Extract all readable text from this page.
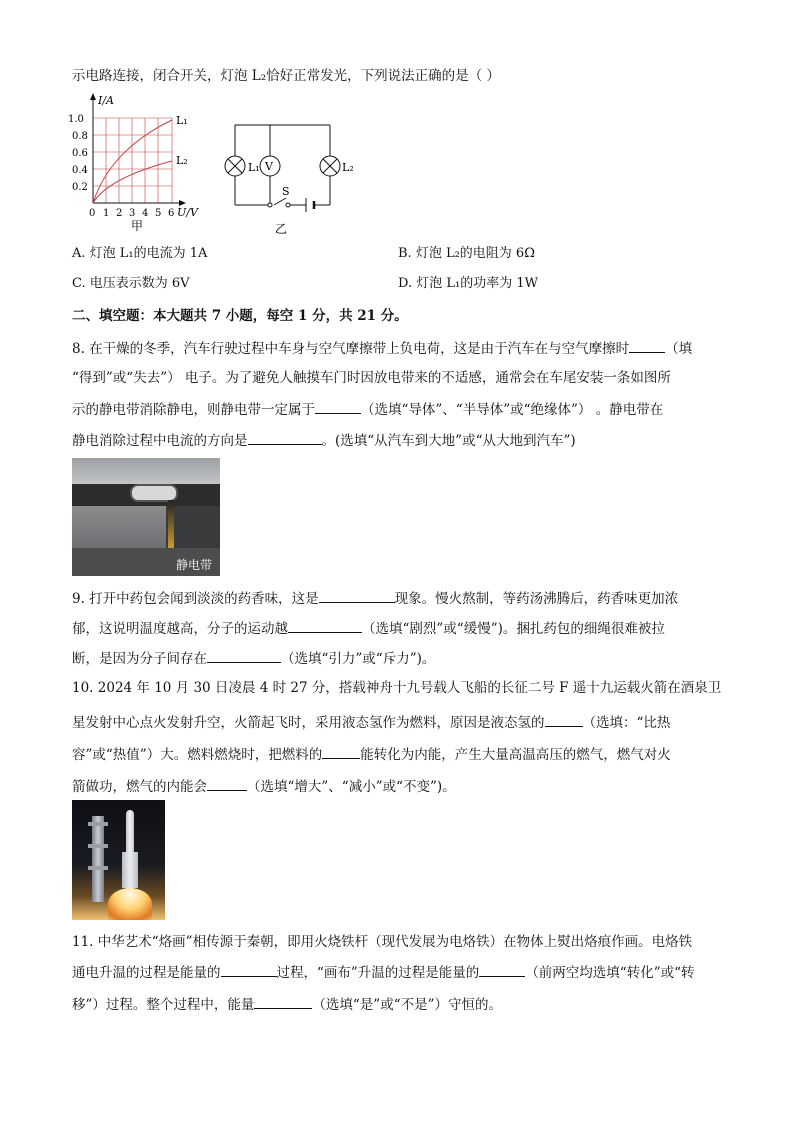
示电路连接，闭合开关，灯泡 L₂恰好正常发光，下列说法正确的是（ ）
I/A
1.0
0.8
0.6
0.4
0.2
0 1 2 3 4 5 6 U/V
L₁
L₂
甲
V
L₁	L₂
S
乙
A. 灯泡 L₁的电流为 1A	B. 灯泡 L₂的电阻为 6Ω
C. 电压表示数为 6V	D. 灯泡 L₁的功率为 1W
二、填空题：本大题共 7 小题，每空 1 分，共 21 分。
8. 在干燥的冬季，汽车行驶过程中车身与空气摩擦带上负电荷，这是由于汽车在与空气摩擦时	（填
“得到”或“失去”） 电子。为了避免人触摸车门时因放电带来的不适感，通常会在车尾安装一条如图所
示的静电带消除静电，则静电带一定属于	（选填“导体”、“半导体”或“绝缘体”） 。静电带在
静电消除过程中电流的方向是	。(选填“从汽车到大地”或“从大地到汽车”)
静电带
9. 打开中药包会闻到淡淡的药香味，这是	现象。慢火熬制，等药汤沸腾后，药香味更加浓
郁，这说明温度越高，分子的运动越	（选填“剧烈”或“缓慢”)。捆扎药包的细绳很难被拉
断，是因为分子间存在	（选填“引力”或“斥力”)。
10. 2024 年 10 月 30 日凌晨 4 时 27 分，搭载神舟十九号载人飞船的长征二号 F 遥十九运载火箭在酒泉卫
星发射中心点火发射升空，火箭起飞时，采用液态氢作为燃料，原因是液态氢的	（选填：“比热
容”或“热值”）大。燃料燃烧时，把燃料的	能转化为内能，产生大量高温高压的燃气，燃气对火
箭做功，燃气的内能会	（选填“增大”、“减小”或“不变”)。
11. 中华艺术“烙画”相传源于秦朝，即用火烧铁杆（现代发展为电烙铁）在物体上熨出烙痕作画。电烙铁
通电升温的过程是能量的	过程，“画布”升温的过程是能量的	（前两空均选填“转化”或“转
移”）过程。整个过程中，能量	（选填“是”或“不是”）守恒的。
